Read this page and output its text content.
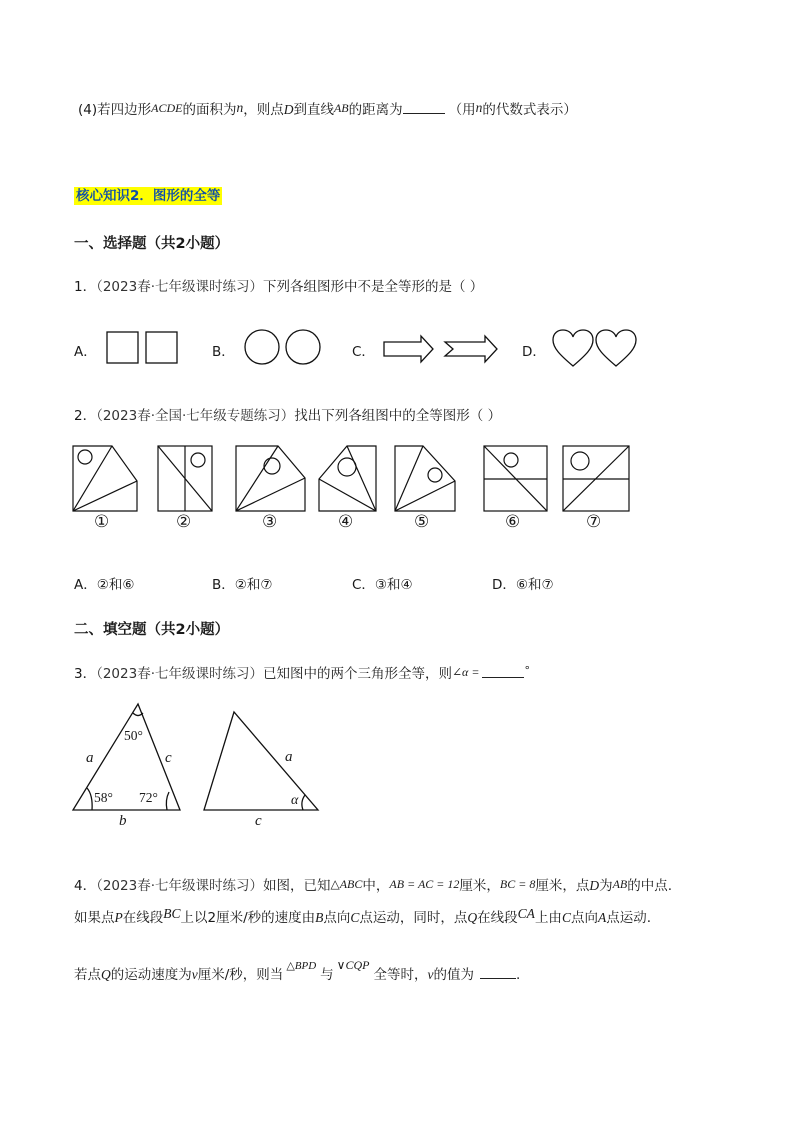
(4)若四边形ACDE的面积为n，则点D到直线AB的距离为	（用n的代数式表示）
核心知识2．图形的全等
一、选择题（共2小题）
1．（2023春·七年级课时练习）下列各组图形中不是全等形的是（ ）
A．	B．	C．	D．
2．（2023春·全国·七年级专题练习）找出下列各组图中的全等图形（ ）
①	②	③	④	⑤	⑥	⑦
A．②和⑥	B．②和⑦	C．③和④	D．⑥和⑦
二、填空题（共2小题）
3．（2023春·七年级课时练习）已知图中的两个三角形全等，则∠α =	°
50°
58° 72°
a	c
b
a
c
α
4．（2023春·七年级课时练习）如图，已知△ABC中，AB = AC = 12厘米，BC = 8厘米，点D为AB的中点.
如果点P在线段BC上以2厘米/秒的速度由B点向C点运动，同时，点Q在线段CA上由C点向A点运动.
若点Q的运动速度为v厘米/秒，则当$^{\triangle BPD}$与∨CQP全等时，v的值为	.
